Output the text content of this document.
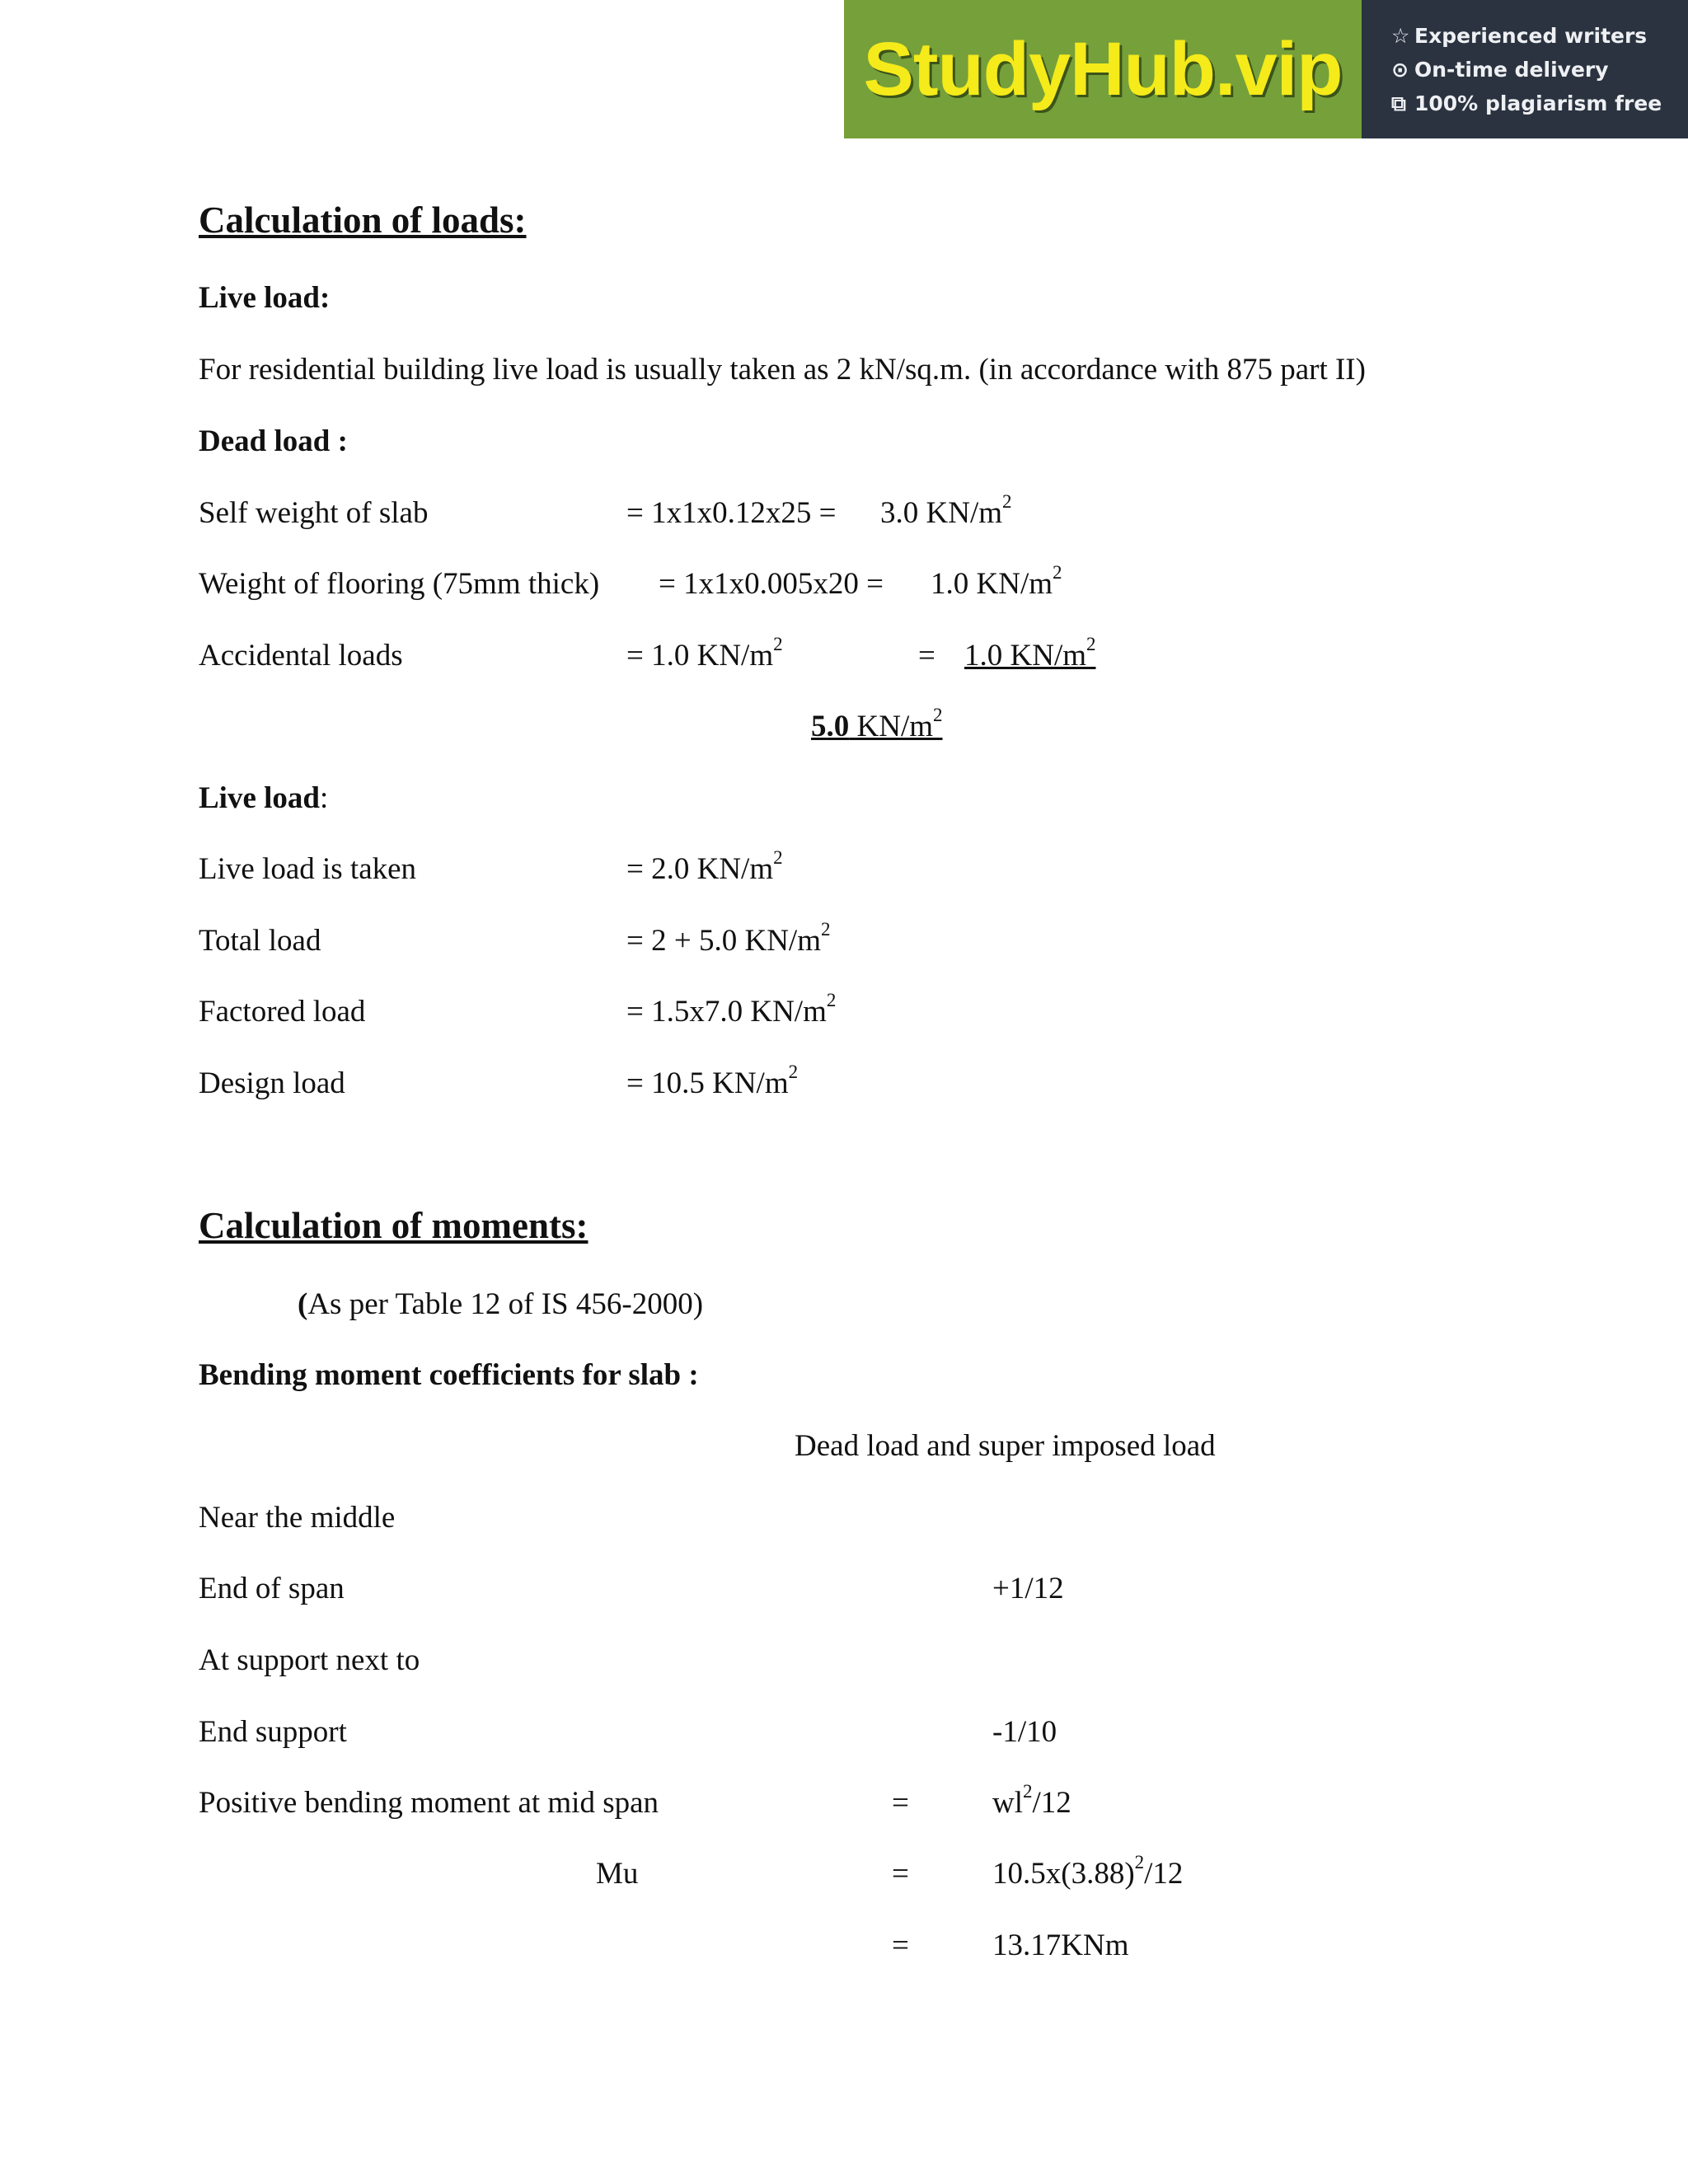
StudyHub.vip ☆ Experienced writers
⊙ On-time delivery
⧉ 100% plagiarism free
Calculation of loads:
Live load:
For residential building live load is usually taken as 2 kN/sq.m. (in accordance with 875 part II)
Dead load :
Self weight of slab	= 1x1x0.12x25 = 3.0 $KN/m^2$
Weight of flooring (75mm thick) = 1x1x0.005x20 = 1.0 $KN/m^2$
Accidental loads	= 1.0 $KN/m^2$	= 1.0 $KN/m^2$
5.0 $KN/m^2$
Live load:
Live load is taken	= 2.0 $KN/m^2$
Total load	= 2 + 5.0 $KN/m^2$
Factored load	= 1.5x7.0 $KN/m^2$
Design load	= 10.5 $KN/m^2$
Calculation of moments:
(As per Table 12 of IS 456-2000)
Bending moment coefficients for slab :
Dead load and super imposed load
Near the middle
End of span	+1/12
At support next to
End support	-1/10
Positive bending moment at mid span	=	$wl^2/12$
Mu	=	$10.5x(3.88)^2/12$
=	13.17KNm
